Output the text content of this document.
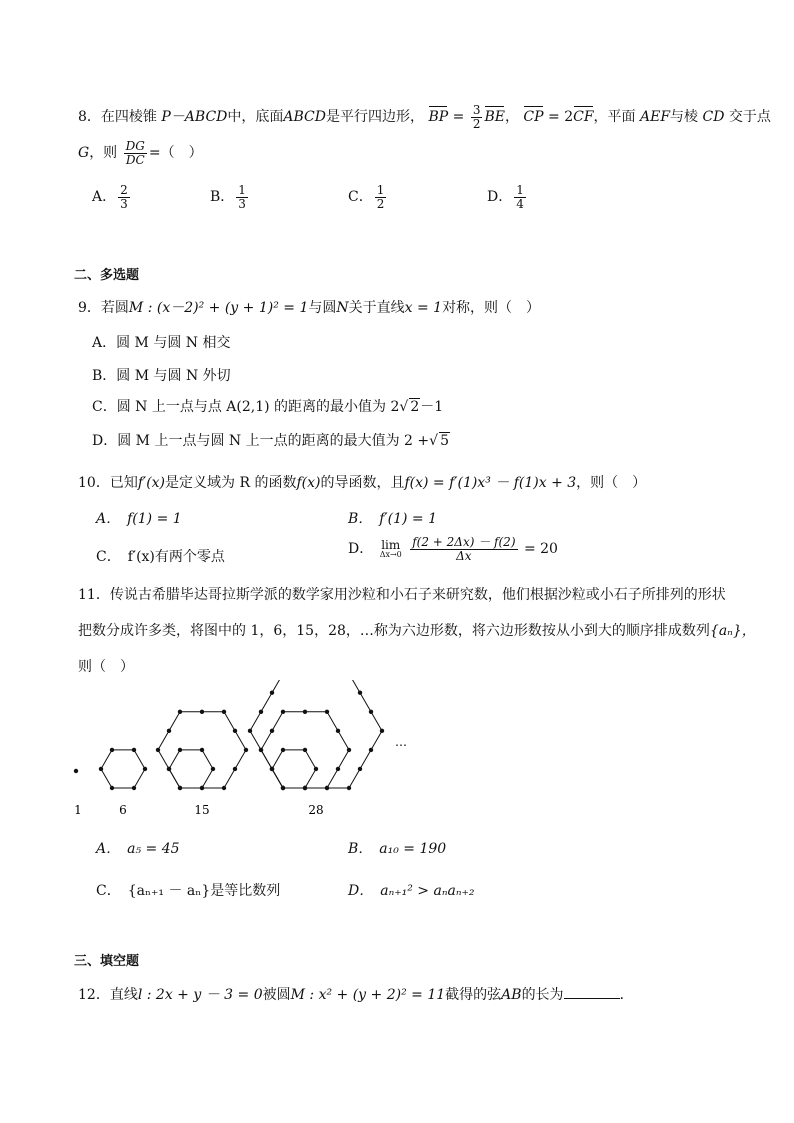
8．在四棱锥 P－ABCD中，底面ABCD是平行四边形， BP = $\frac{3}{2}$ BE， CP = 2CF，平面 AEF与棱 CD 交于点
G，则 $\frac{DG}{DC}$ =（　）
A． $\frac{2}{3}$	B． $\frac{1}{3}$	C． $\frac{1}{2}$	D． $\frac{1}{4}$
二、多选题
9．若圆M : (x－2)² + (y + 1)² = 1与圆N关于直线x = 1对称，则（　）
A．圆 M 与圆 N 相交
B．圆 M 与圆 N 外切
C．圆 N 上一点与点 A(2,1) 的距离的最小值为 2√ 2－1
D．圆 M 上一点与圆 N 上一点的距离的最大值为 2 +√ 5
10．已知f′(x)是定义域为 R 的函数f(x)的导函数，且f(x) = f′(1)x³ － f(1)x + 3，则（　）
A．　f(1) = 1	B．　f′(1) = 1
C．　f′(x)有两个零点	D． lim
Δx→0
$\frac{f(2 + 2\Delta x) - f(2)}{\Delta x} = 20$
11．传说古希腊毕达哥拉斯学派的数学家用沙粒和小石子来研究数，他们根据沙粒或小石子所排列的形状
把数分成许多类，将图中的 1，6，15，28，…称为六边形数，将六边形数按从小到大的顺序排成数列{aₙ}，
则（　）
1	6	15	28
…
A．　a₅ = 45	B．　a₁₀ = 190
C．　{aₙ₊₁ － aₙ}是等比数列	D．　aₙ₊₁² > aₙaₙ₊₂
三、填空题
12．直线l : 2x + y － 3 = 0被圆M : x² + (y + 2)² = 11截得的弦AB的长为	．
